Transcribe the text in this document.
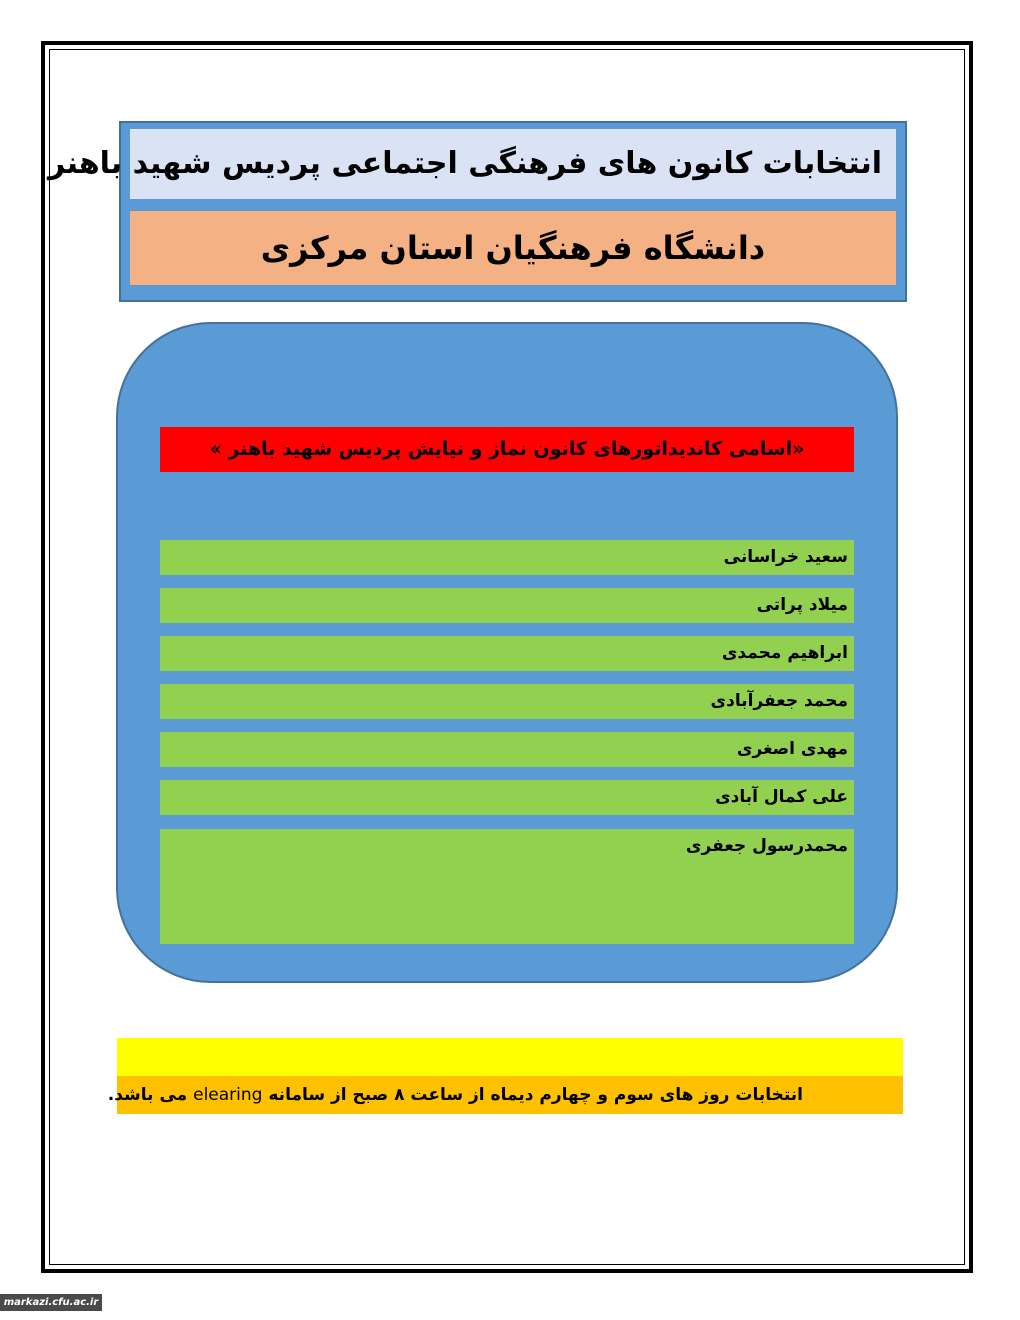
انتخابات کانون های فرهنگی اجتماعی پردیس شهید باهنر
دانشگاه فرهنگیان استان مرکزی
«اسامی کاندیداتورهای کانون نماز و نیایش پردیس شهید باهنر »
سعید خراسانی
میلاد پراتی
ابراهیم محمدی
محمد جعفرآبادی
مهدی اصغری
علی کمال آبادی
محمدرسول جعفری
انتخابات روز های سوم و چهارم دیماه از ساعت ۸ صبح از سامانه elearing می باشد.
markazi.cfu.ac.ir
